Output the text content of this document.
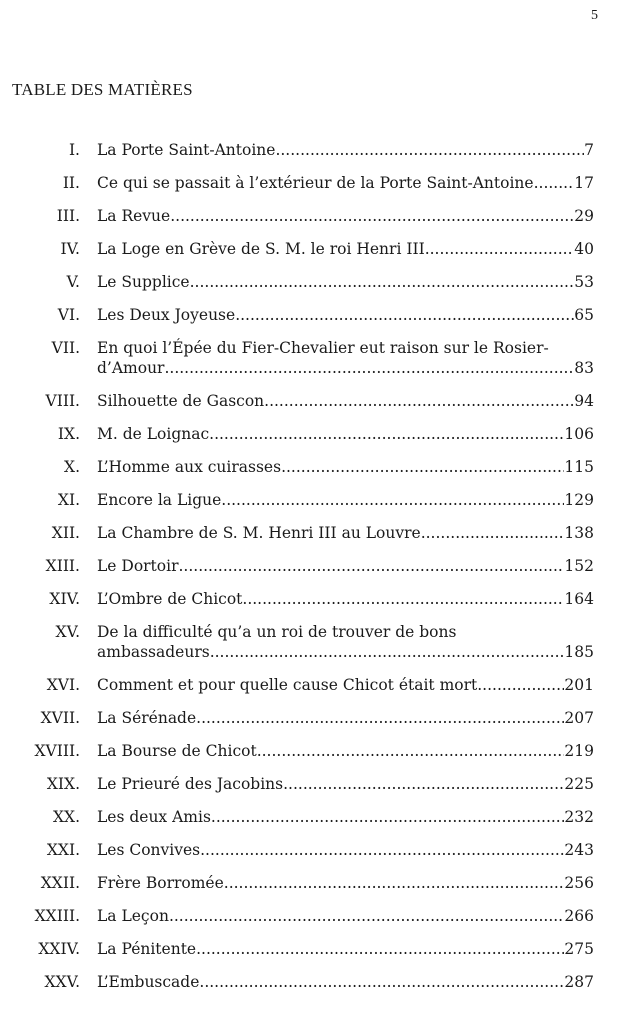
5
TABLE DES MATIÈRES
I.	La Porte Saint-Antoine .....	7
II.	Ce qui se passait à l’extérieur de la Porte Saint-Antoine .....	17
III.	La Revue .....	29
IV.	La Loge en Grève de S. M. le roi Henri III .....	40
V.	Le Supplice .....	53
VI.	Les Deux Joyeuse .....	65
VII.	En quoi l’Épée du Fier-Chevalier eut raison sur le Rosier-
d’Amour .....	83
VIII.	Silhouette de Gascon .....	94
IX.	M. de Loignac .....	106
X.	L’Homme aux cuirasses .....	115
XI.	Encore la Ligue .....	129
XII.	La Chambre de S. M. Henri III au Louvre .....	138
XIII.	Le Dortoir .....	152
XIV.	L’Ombre de Chicot .....	164
XV.	De la difficulté qu’a un roi de trouver de bons
ambassadeurs .....	185
XVI.	Comment et pour quelle cause Chicot était mort .....	201
XVII.	La Sérénade .....	207
XVIII.	La Bourse de Chicot .....	219
XIX.	Le Prieuré des Jacobins .....	225
XX.	Les deux Amis .....	232
XXI.	Les Convives .....	243
XXII.	Frère Borromée .....	256
XXIII.	La Leçon .....	266
XXIV.	La Pénitente .....	275
XXV.	L’Embuscade .....	287
